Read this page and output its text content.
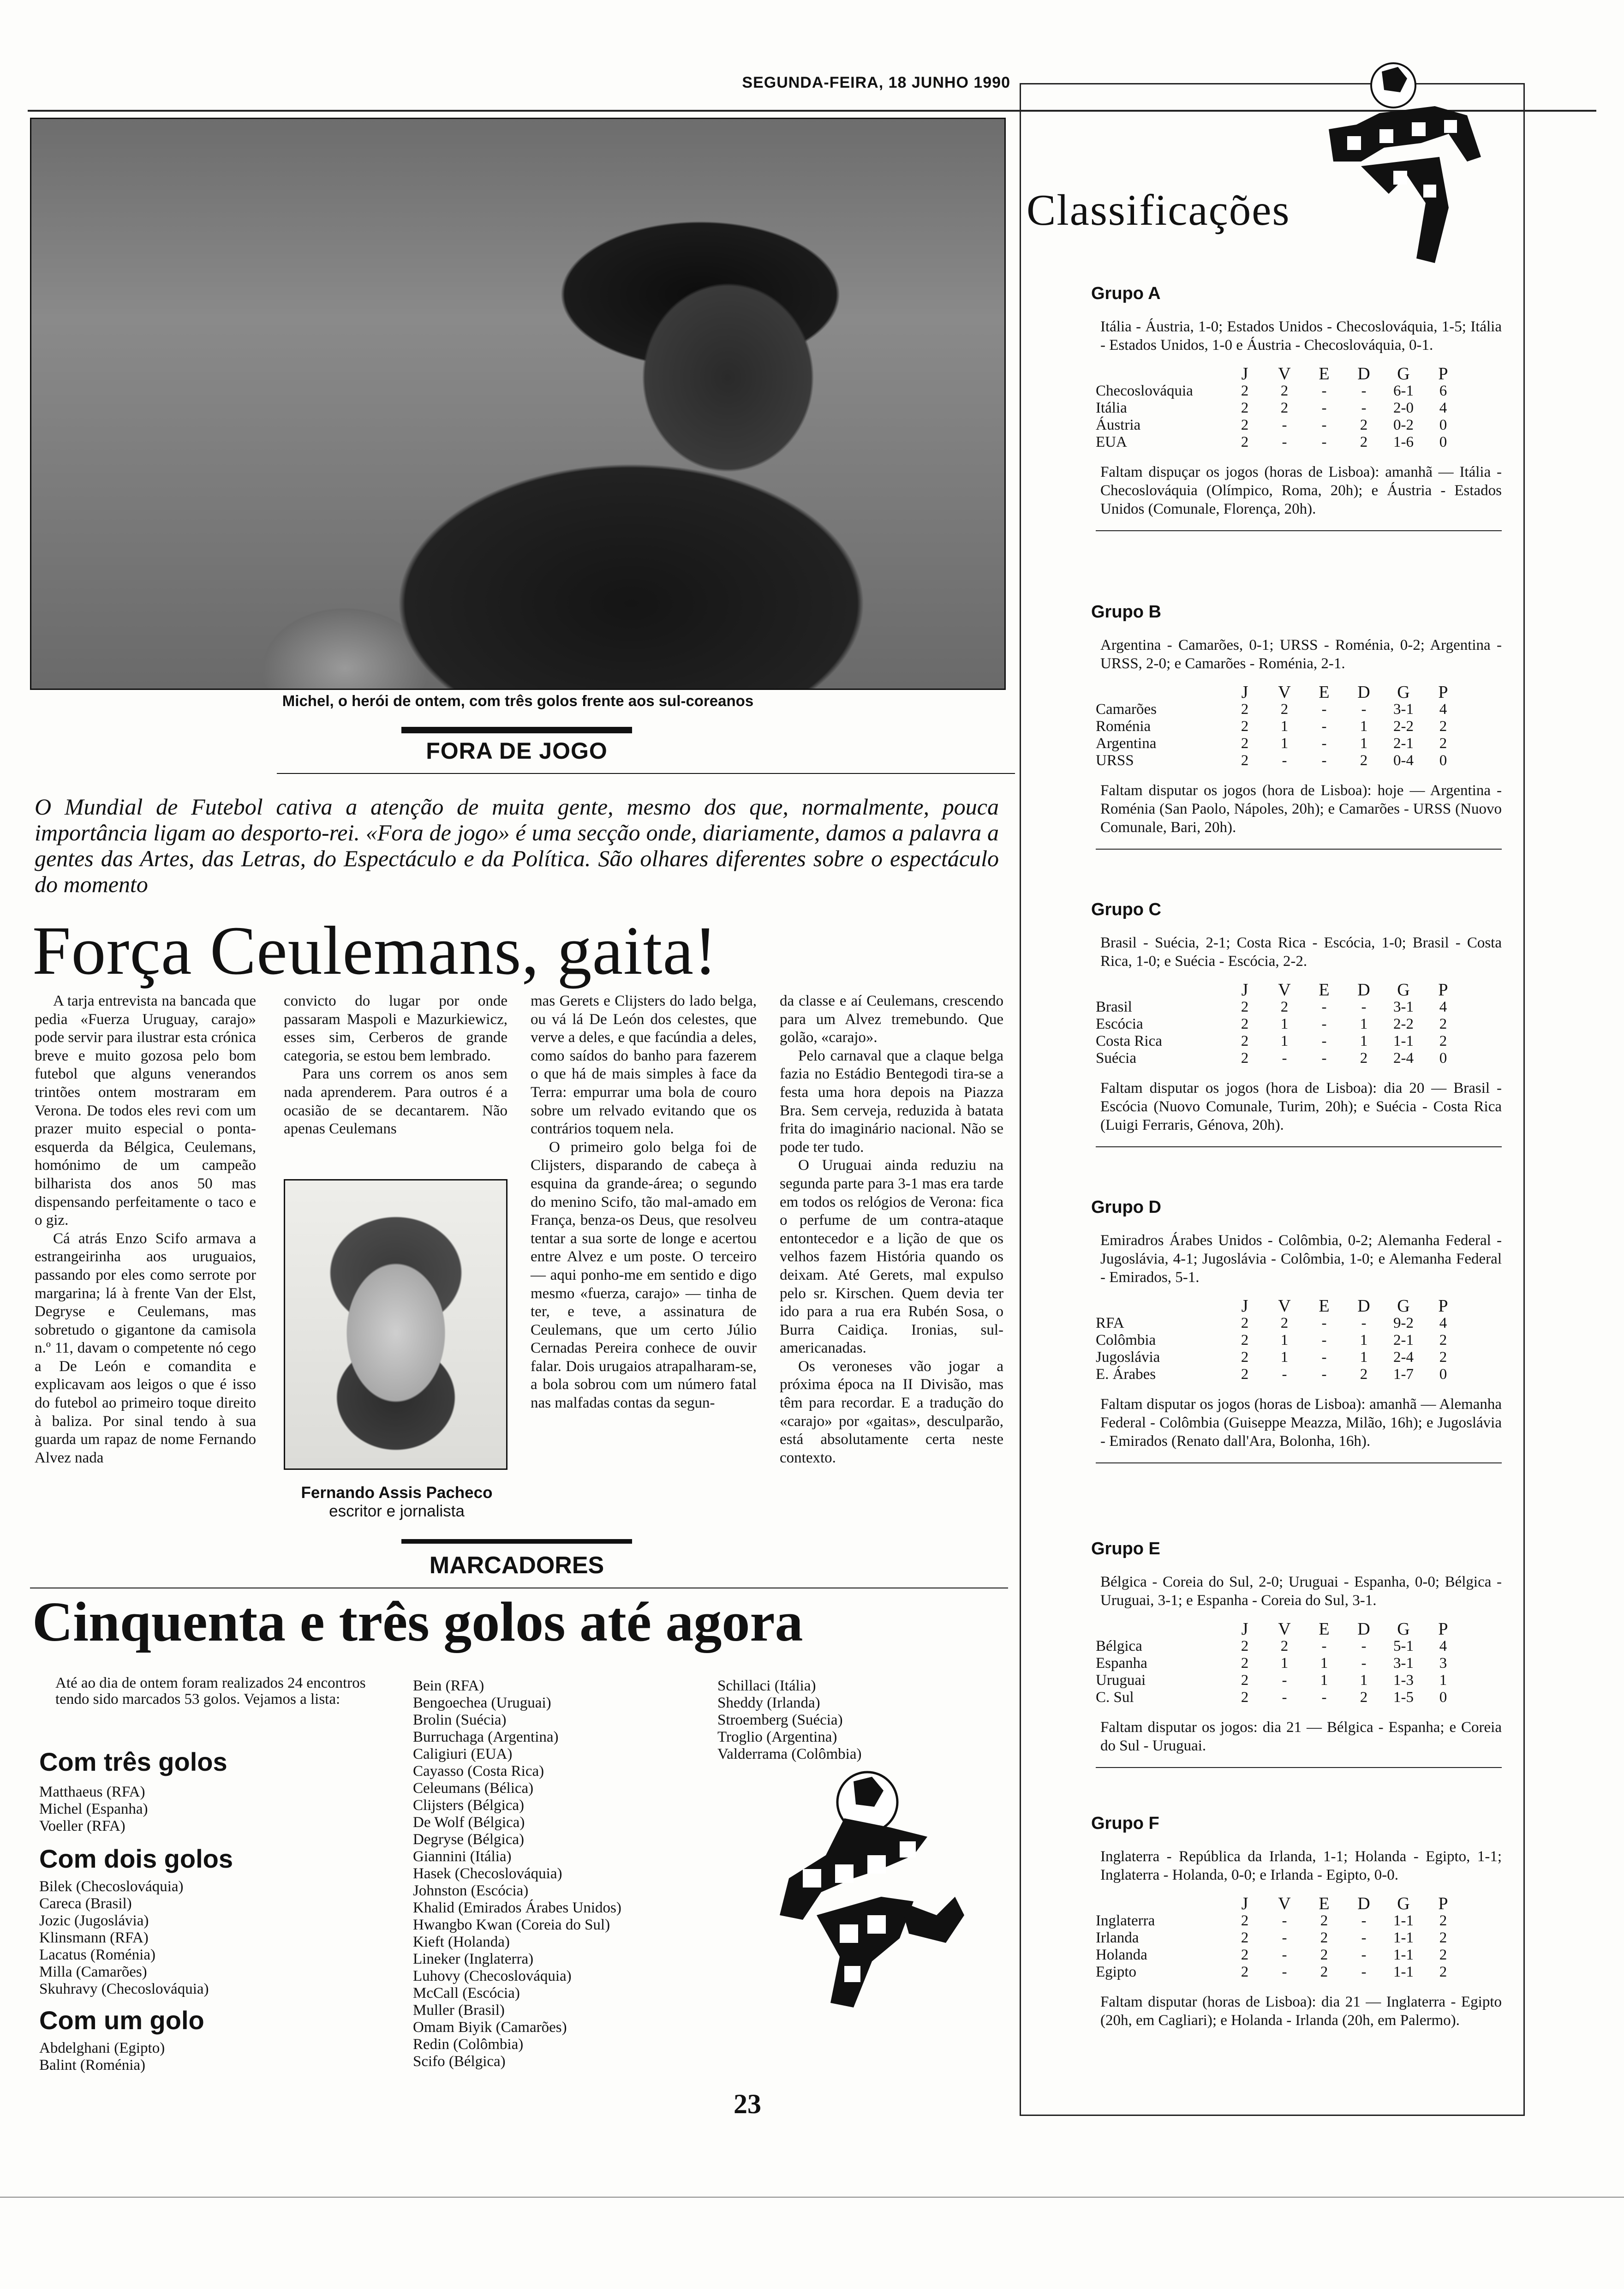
SEGUNDA-FEIRA, 18 JUNHO 1990
Michel, o herói de ontem, com três golos frente aos sul-coreanos
FORA DE JOGO
O Mundial de Futebol cativa a atenção de muita gente, mesmo dos que, normalmente, pouca importância ligam ao desporto-rei. «Fora de jogo» é uma secção onde, diariamente, damos a palavra a gentes das Artes, das Letras, do Espectáculo e da Política. São olhares diferentes sobre o espectáculo do momento
Força Ceulemans, gaita!

A tarja entrevista na bancada que pedia «Fuerza Uruguay, carajo» pode servir para ilustrar esta crónica breve e muito gozosa pelo bom futebol que alguns venerandos trintões ontem mostraram em Verona. De todos eles revi com um prazer muito especial o ponta-esquerda da Bélgica, Ceulemans, homónimo de um campeão bilharista dos anos 50 mas dispensando perfeitamente o taco e o giz.

Cá atrás Enzo Scifo armava a estrangeirinha aos uruguaios, passando por eles como serrote por margarina; lá à frente Van der Elst, Degryse e Ceulemans, mas sobretudo o gigantone da camisola n.º 11, davam o competente nó cego a De León e comandita e explicavam aos leigos o que é isso do futebol ao primeiro toque direito à baliza. Por sinal tendo à sua guarda um rapaz de nome Fernando Alvez nada

convicto do lugar por onde passaram Maspoli e Mazurkiewicz, esses sim, Cerberos de grande categoria, se estou bem lembrado.

Para uns correm os anos sem nada aprenderem. Para outros é a ocasião de se decantarem. Não apenas Ceulemans

Fernando Assis Pacheco
escritor e jornalista

mas Gerets e Clijsters do lado belga, ou vá lá De León dos celestes, que verve a deles, e que facúndia a deles, como saídos do banho para fazerem o que há de mais simples à face da Terra: empurrar uma bola de couro sobre um relvado evitando que os contrários toquem nela.

O primeiro golo belga foi de Clijsters, disparando de cabeça à esquina da grande-área; o segundo do menino Scifo, tão mal-amado em França, benza-os Deus, que resolveu tentar a sua sorte de longe e acertou entre Alvez e um poste. O terceiro — aqui ponho-me em sentido e digo mesmo «fuerza, carajo» — tinha de ter, e teve, a assinatura de Ceulemans, que um certo Júlio Cernadas Pereira conhece de ouvir falar. Dois urugaios atrapalharam-se, a bola sobrou com um número fatal nas malfadas contas da segun-

da classe e aí Ceulemans, crescendo para um Alvez tremebundo. Que golão, «carajo».

Pelo carnaval que a claque belga fazia no Estádio Bentegodi tira-se a festa uma hora depois na Piazza Bra. Sem cerveja, reduzida à batata frita do imaginário nacional. Não se pode ter tudo.

O Uruguai ainda reduziu na segunda parte para 3-1 mas era tarde em todos os relógios de Verona: fica o perfume de um contra-ataque entontecedor e a lição de que os velhos fazem História quando os deixam. Até Gerets, mal expulso pelo sr. Kirschen. Quem devia ter ido para a rua era Rubén Sosa, o Burra Caidiça. Ironias, sul-americanadas.

Os veroneses vão jogar a próxima época na II Divisão, mas têm para recordar. E a tradução do «carajo» por «gaitas», desculparão, está absolutamente certa neste contexto.

MARCADORES
Cinquenta e três golos até agora
Até ao dia de ontem foram realizados 24 encontros tendo sido marcados 53 golos. Vejamos a lista:
Com três golos
Matthaeus (RFA)
Michel (Espanha)
Voeller (RFA)
Com dois golos
Bilek (Checoslováquia)
Careca (Brasil)
Jozic (Jugoslávia)
Klinsmann (RFA)
Lacatus (Roménia)
Milla (Camarões)
Skuhravy (Checoslováquia)
Com um golo
Abdelghani (Egipto)
Balint (Roménia)
Bein (RFA)
Bengoechea (Uruguai)
Brolin (Suécia)
Burruchaga (Argentina)
Caligiuri (EUA)
Cayasso (Costa Rica)
Celeumans (Bélica)
Clijsters (Bélgica)
De Wolf (Bélgica)
Degryse (Bélgica)
Giannini (Itália)
Hasek (Checoslováquia)
Johnston (Escócia)
Khalid (Emirados Árabes Unidos)
Hwangbo Kwan (Coreia do Sul)
Kieft (Holanda)
Lineker (Inglaterra)
Luhovy (Checoslováquia)
McCall (Escócia)
Muller (Brasil)
Omam Biyik (Camarões)
Redin (Colômbia)
Scifo (Bélgica)
Schillaci (Itália)
Sheddy (Irlanda)
Stroemberg (Suécia)
Troglio (Argentina)
Valderrama (Colômbia)
Classificações
Grupo A
Itália - Áustria, 1-0; Estados Unidos - Checoslováquia, 1-5; Itália - Estados Unidos, 1-0 e Áustria - Checoslováquia, 0-1.
	J	V	E	D	G	P
Checoslováquia	2	2	-	-	6-1	6
Itália	2	2	-	-	2-0	4
Áustria	2	-	-	2	0-2	0
EUA	2	-	-	2	1-6	0
Faltam dispuçar os jogos (horas de Lisboa): amanhã — Itália - Checoslováquia (Olímpico, Roma, 20h); e Áustria - Estados Unidos (Comunale, Florença, 20h).
Grupo B
Argentina - Camarões, 0-1; URSS - Roménia, 0-2; Argentina - URSS, 2-0; e Camarões - Roménia, 2-1.
	J	V	E	D	G	P
Camarões	2	2	-	-	3-1	4
Roménia	2	1	-	1	2-2	2
Argentina	2	1	-	1	2-1	2
URSS	2	-	-	2	0-4	0
Faltam disputar os jogos (hora de Lisboa): hoje — Argentina - Roménia (San Paolo, Nápoles, 20h); e Camarões - URSS (Nuovo Comunale, Bari, 20h).
Grupo C
Brasil - Suécia, 2-1; Costa Rica - Escócia, 1-0; Brasil - Costa Rica, 1-0; e Suécia - Escócia, 2-2.
	J	V	E	D	G	P
Brasil	2	2	-	-	3-1	4
Escócia	2	1	-	1	2-2	2
Costa Rica	2	1	-	1	1-1	2
Suécia	2	-	-	2	2-4	0
Faltam disputar os jogos (hora de Lisboa): dia 20 — Brasil - Escócia (Nuovo Comunale, Turim, 20h); e Suécia - Costa Rica (Luigi Ferraris, Génova, 20h).
Grupo D
Emiradros Árabes Unidos - Colômbia, 0-2; Alemanha Federal - Jugoslávia, 4-1; Jugoslávia - Colômbia, 1-0; e Alemanha Federal - Emirados, 5-1.
	J	V	E	D	G	P
RFA	2	2	-	-	9-2	4
Colômbia	2	1	-	1	2-1	2
Jugoslávia	2	1	-	1	2-4	2
E. Árabes	2	-	-	2	1-7	0
Faltam disputar os jogos (horas de Lisboa): amanhã — Alemanha Federal - Colômbia (Guiseppe Meazza, Milão, 16h); e Jugoslávia - Emirados (Renato dall'Ara, Bolonha, 16h).
Grupo E
Bélgica - Coreia do Sul, 2-0; Uruguai - Espanha, 0-0; Bélgica - Uruguai, 3-1; e Espanha - Coreia do Sul, 3-1.
	J	V	E	D	G	P
Bélgica	2	2	-	-	5-1	4
Espanha	2	1	1	-	3-1	3
Uruguai	2	-	1	1	1-3	1
C. Sul	2	-	-	2	1-5	0
Faltam disputar os jogos: dia 21 — Bélgica - Espanha; e Coreia do Sul - Uruguai.
Grupo F
Inglaterra - República da Irlanda, 1-1; Holanda - Egipto, 1-1; Inglaterra - Holanda, 0-0; e Irlanda - Egipto, 0-0.
	J	V	E	D	G	P
Inglaterra	2	-	2	-	1-1	2
Irlanda	2	-	2	-	1-1	2
Holanda	2	-	2	-	1-1	2
Egipto	2	-	2	-	1-1	2
Faltam disputar (horas de Lisboa): dia 21 — Inglaterra - Egipto (20h, em Cagliari); e Holanda - Irlanda (20h, em Palermo).
23
